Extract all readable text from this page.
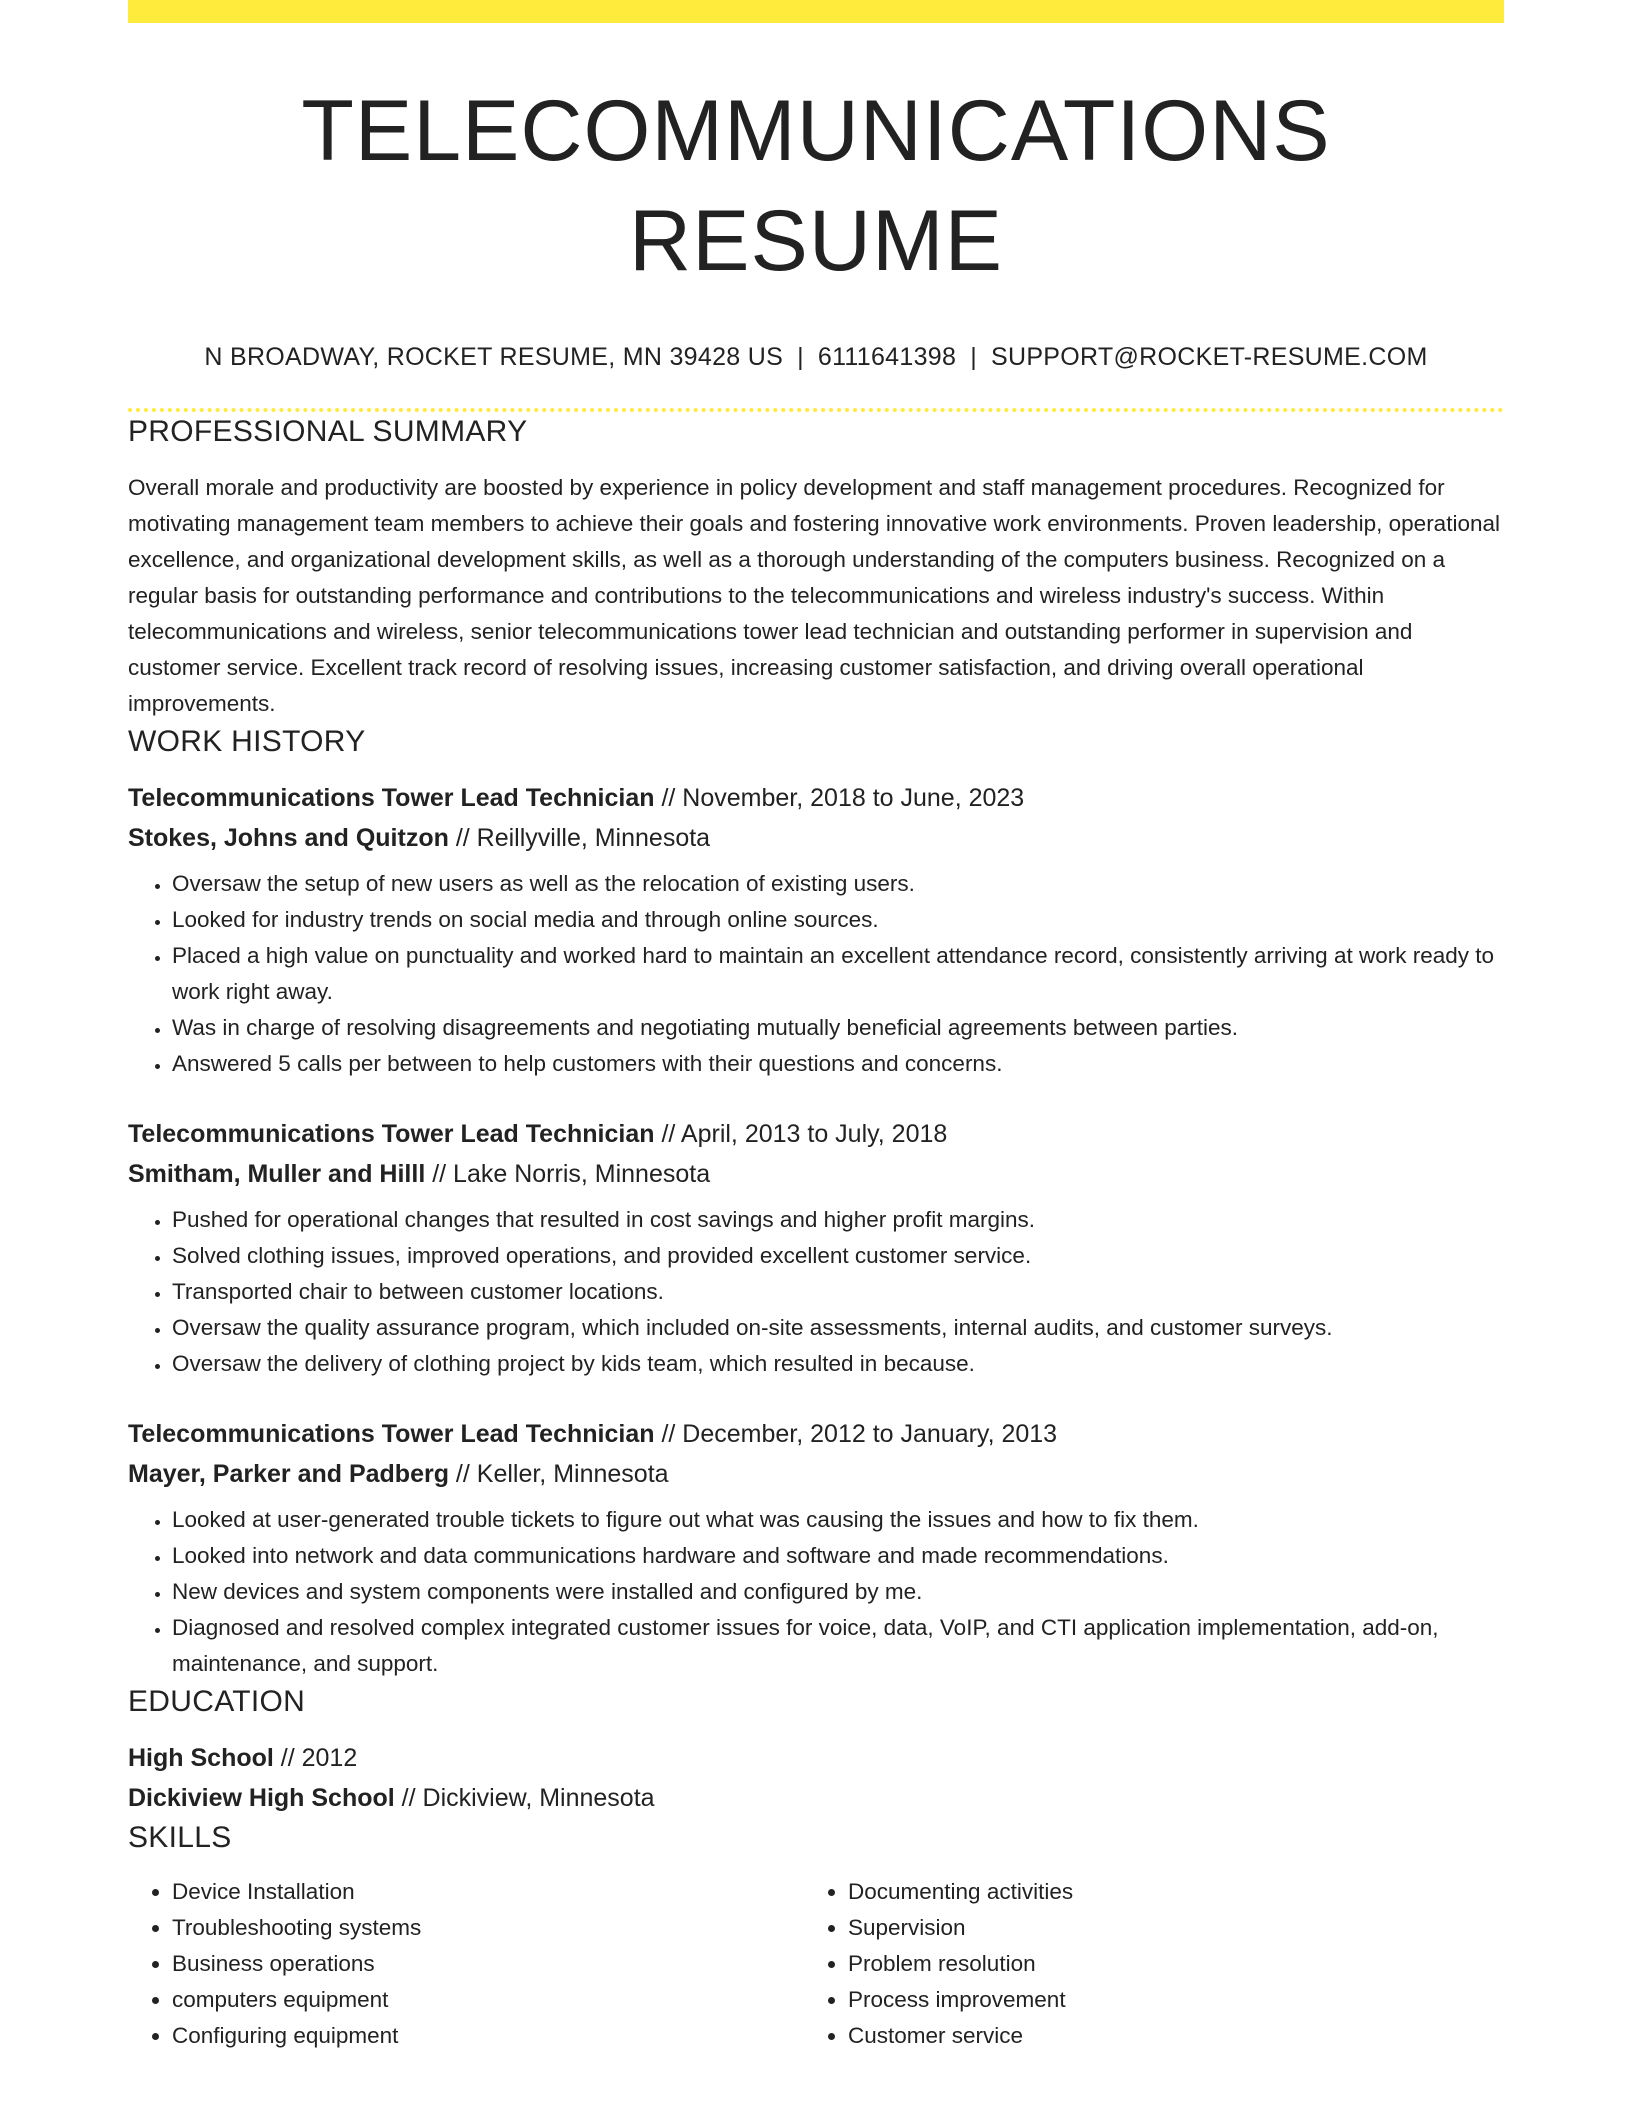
TELECOMMUNICATIONS RESUME
N BROADWAY, ROCKET RESUME, MN 39428 US | 6111641398 | SUPPORT@ROCKET-RESUME.COM
PROFESSIONAL SUMMARY
Overall morale and productivity are boosted by experience in policy development and staff management procedures. Recognized for motivating management team members to achieve their goals and fostering innovative work environments. Proven leadership, operational excellence, and organizational development skills, as well as a thorough understanding of the computers business. Recognized on a regular basis for outstanding performance and contributions to the telecommunications and wireless industry's success. Within telecommunications and wireless, senior telecommunications tower lead technician and outstanding performer in supervision and customer service. Excellent track record of resolving issues, increasing customer satisfaction, and driving overall operational improvements.
WORK HISTORY
Telecommunications Tower Lead Technician // November, 2018 to June, 2023
Stokes, Johns and Quitzon // Reillyville, Minnesota
• Oversaw the setup of new users as well as the relocation of existing users.
• Looked for industry trends on social media and through online sources.
• Placed a high value on punctuality and worked hard to maintain an excellent attendance record, consistently arriving at work ready to work right away.
• Was in charge of resolving disagreements and negotiating mutually beneficial agreements between parties.
• Answered 5 calls per between to help customers with their questions and concerns.
Telecommunications Tower Lead Technician // April, 2013 to July, 2018
Smitham, Muller and Hilll // Lake Norris, Minnesota
• Pushed for operational changes that resulted in cost savings and higher profit margins.
• Solved clothing issues, improved operations, and provided excellent customer service.
• Transported chair to between customer locations.
• Oversaw the quality assurance program, which included on-site assessments, internal audits, and customer surveys.
• Oversaw the delivery of clothing project by kids team, which resulted in because.
Telecommunications Tower Lead Technician // December, 2012 to January, 2013
Mayer, Parker and Padberg // Keller, Minnesota
• Looked at user-generated trouble tickets to figure out what was causing the issues and how to fix them.
• Looked into network and data communications hardware and software and made recommendations.
• New devices and system components were installed and configured by me.
• Diagnosed and resolved complex integrated customer issues for voice, data, VoIP, and CTI application implementation, add-on, maintenance, and support.
EDUCATION
High School // 2012
Dickiview High School // Dickiview, Minnesota
SKILLS
• Device Installation
• Troubleshooting systems
• Business operations
• computers equipment
• Configuring equipment
• Documenting activities
• Supervision
• Problem resolution
• Process improvement
• Customer service
